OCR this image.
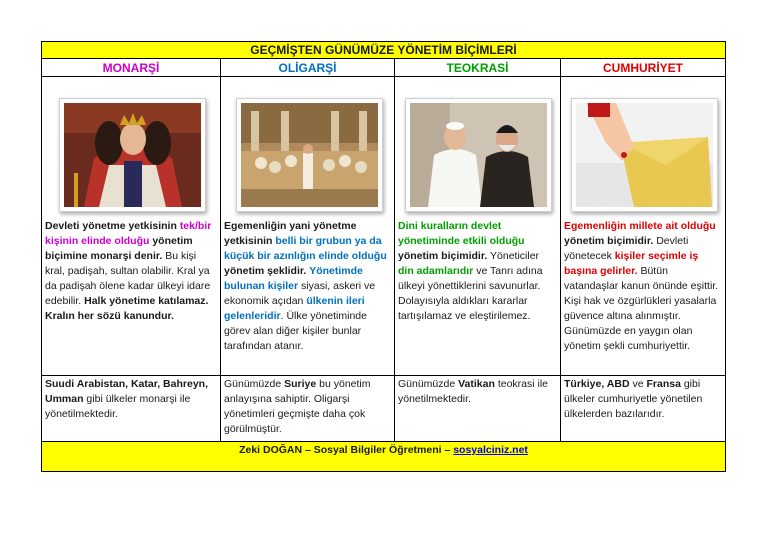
GEÇMİŞTEN GÜNÜMÜZE YÖNETİM BİÇİMLERİ
MONARŞİ
Devleti yönetme yetkisinin tek/bir kişinin elinde olduğu yönetim biçimine monarşi denir. Bu kişi kral, padişah, sultan olabilir. Kral ya da padişah ölene kadar ülkeyi idare edebilir. Halk yönetime katılamaz. Kralın her sözü kanundur.
Suudi Arabistan, Katar, Bahreyn, Umman gibi ülkeler monarşi ile yönetilmektedir.
OLİGARŞİ
Egemenliğin yani yönetme yetkisinin belli bir grubun ya da küçük bir azınlığın elinde olduğu yönetim şeklidir. Yönetimde bulunan kişiler siyasi, askeri ve ekonomik açıdan ülkenin ileri gelenleridir. Ülke yönetiminde görev alan diğer kişiler bunlar tarafından atanır.
Günümüzde Suriye bu yönetim anlayışına sahiptir. Oligarşi yönetimleri geçmişte daha çok görülmüştür.
TEOKRASİ
Dini kuralların devlet yönetiminde etkili olduğu yönetim biçimidir. Yöneticiler din adamlarıdır ve Tanrı adına ülkeyi yönettiklerini savunurlar. Dolayısıyla aldıkları kararlar tartışılamaz ve eleştirilemez.
Günümüzde Vatikan teokrasi ile yönetilmektedir.
CUMHURİYET
Egemenliğin millete ait olduğu yönetim biçimidir. Devleti yönetecek kişiler seçimle iş başına gelirler. Bütün vatandaşlar kanun önünde eşittir. Kişi hak ve özgürlükleri yasalarla güvence altına alınmıştır. Günümüzde en yaygın olan yönetim şekli cumhuriyettir.
Türkiye, ABD ve Fransa gibi ülkeler cumhuriyetle yönetilen ülkelerden bazılarıdır.
Zeki DOĞAN – Sosyal Bilgiler Öğretmeni – sosyalciniz.net
